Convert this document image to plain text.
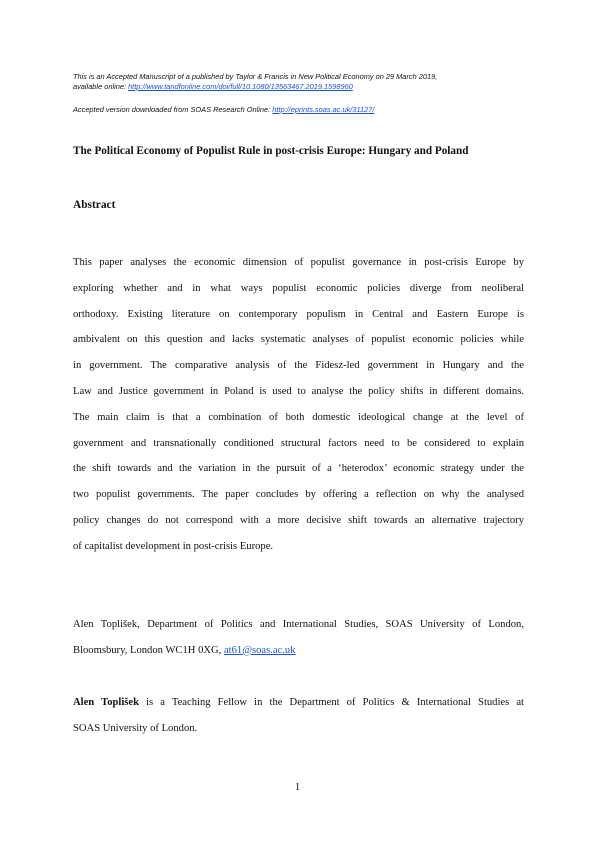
This is an Accepted Manuscript of a published by Taylor & Francis in New Political Economy on 29 March 2019,
available online: http://www.tandfonline.com/doi/full/10.1080/13563467.2019.1598960
Accepted version downloaded from SOAS Research Online: http://eprints.soas.ac.uk/31127/
The Political Economy of Populist Rule in post-crisis Europe: Hungary and Poland
Abstract
This paper analyses the economic dimension of populist governance in post-crisis Europe by
exploring whether and in what ways populist economic policies diverge from neoliberal
orthodoxy. Existing literature on contemporary populism in Central and Eastern Europe is
ambivalent on this question and lacks systematic analyses of populist economic policies while
in government. The comparative analysis of the Fidesz-led government in Hungary and the
Law and Justice government in Poland is used to analyse the policy shifts in different domains.
The main claim is that a combination of both domestic ideological change at the level of
government and transnationally conditioned structural factors need to be considered to explain
the shift towards and the variation in the pursuit of a ‘heterodox’ economic strategy under the
two populist governments. The paper concludes by offering a reflection on why the analysed
policy changes do not correspond with a more decisive shift towards an alternative trajectory
of capitalist development in post-crisis Europe.
Alen Toplišek, Department of Politics and International Studies, SOAS University of London,
Bloomsbury, London WC1H 0XG, at61@soas.ac.uk
Alen Toplišek is a Teaching Fellow in the Department of Politics & International Studies at
SOAS University of London.
1
